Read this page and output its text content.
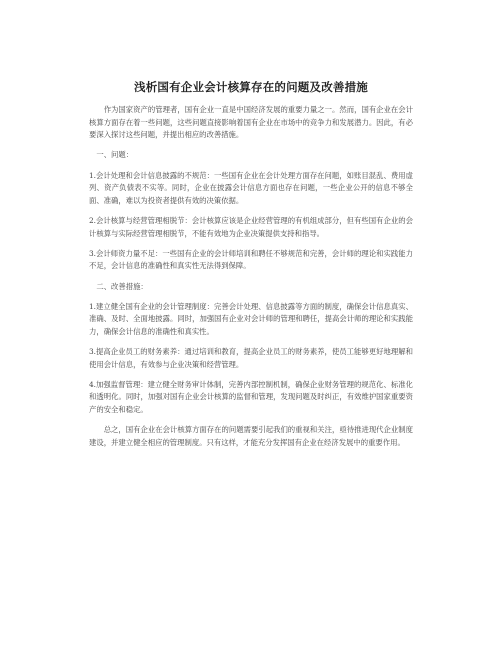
浅析国有企业会计核算存在的问题及改善措施

作为国家资产的管理者，国有企业一直是中国经济发展的重要力量之一。然而，国有企业在会计核算方面存在着一些问题，这些问题直接影响着国有企业在市场中的竞争力和发展潜力。因此，有必要深入探讨这些问题，并提出相应的改善措施。

一、问题：

1.会计处理和会计信息披露的不规范：一些国有企业在会计处理方面存在问题，如账目混乱、费用虚列、资产负债表不实等。同时，企业在披露会计信息方面也存在问题，一些企业公开的信息不够全面、准确，难以为投资者提供有效的决策依据。

2.会计核算与经营管理相脱节：会计核算应该是企业经营管理的有机组成部分，但有些国有企业的会计核算与实际经营管理相脱节，不能有效地为企业决策提供支持和指导。

3.会计师资力量不足：一些国有企业的会计师培训和聘任不够规范和完善，会计师的理论和实践能力不足，会计信息的准确性和真实性无法得到保障。

二、改善措施：

1.建立健全国有企业的会计管理制度：完善会计处理、信息披露等方面的制度，确保会计信息真实、准确、及时、全面地披露。同时，加强国有企业对会计师的管理和聘任，提高会计师的理论和实践能力，确保会计信息的准确性和真实性。

3.提高企业员工的财务素养：通过培训和教育，提高企业员工的财务素养，使员工能够更好地理解和使用会计信息，有效参与企业决策和经营管理。

4.加强监督管理：建立健全财务审计体制，完善内部控制机制，确保企业财务管理的规范化、标准化和透明化。同时，加强对国有企业会计核算的监督和管理，发现问题及时纠正，有效维护国家重要资产的安全和稳定。

总之，国有企业在会计核算方面存在的问题需要引起我们的重视和关注，亟待推进现代企业制度建设，并建立健全相应的管理制度。只有这样，才能充分发挥国有企业在经济发展中的重要作用。
